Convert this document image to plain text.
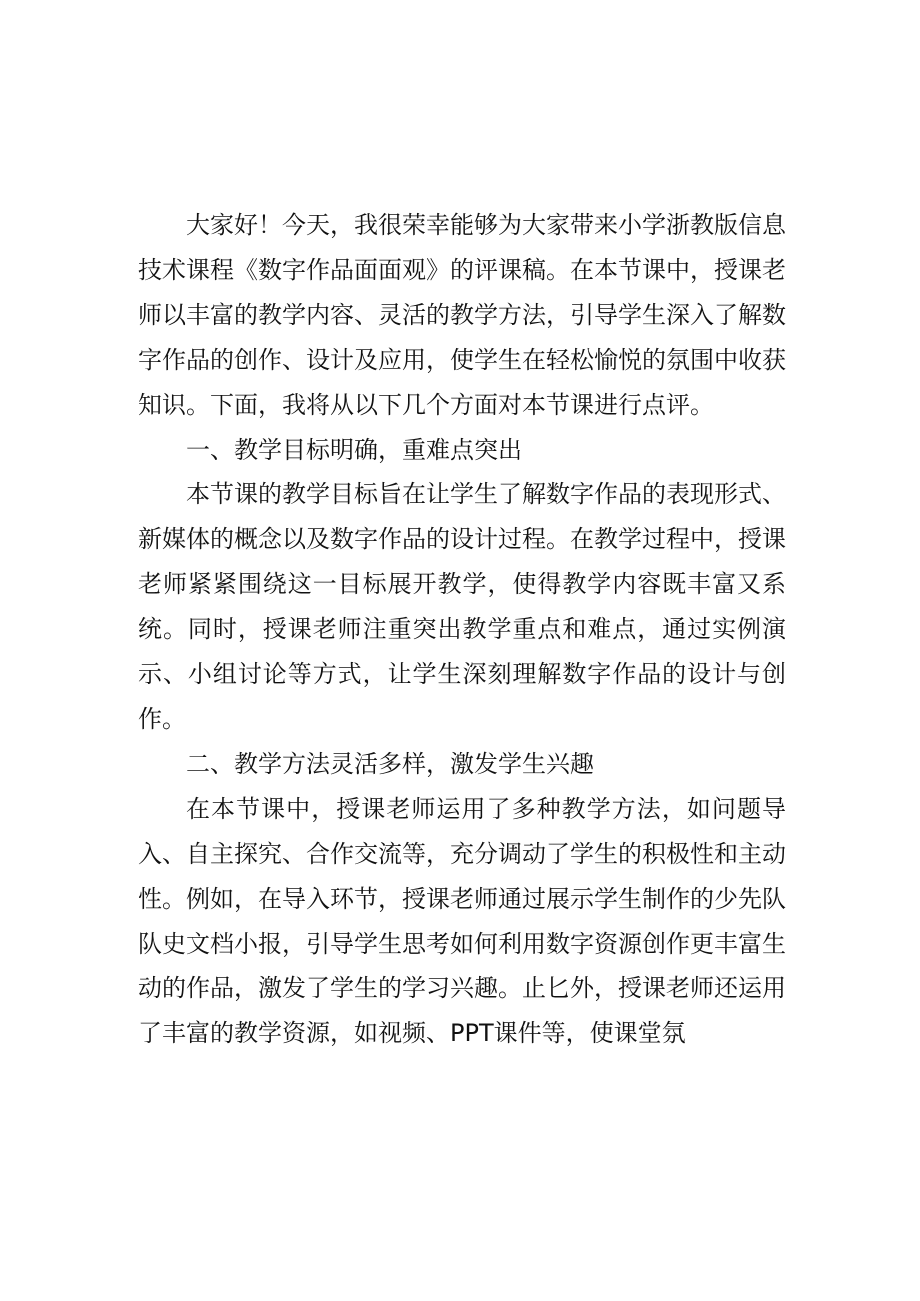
大家好！今天，我很荣幸能够为大家带来小学浙教版信息技术课程《数字作品面面观》的评课稿。在本节课中，授课老师以丰富的教学内容、灵活的教学方法，引导学生深入了解数字作品的创作、设计及应用，使学生在轻松愉悦的氛围中收获知识。下面，我将从以下几个方面对本节课进行点评。

一、教学目标明确，重难点突出

本节课的教学目标旨在让学生了解数字作品的表现形式、新媒体的概念以及数字作品的设计过程。在教学过程中，授课老师紧紧围绕这一目标展开教学，使得教学内容既丰富又系统。同时，授课老师注重突出教学重点和难点，通过实例演示、小组讨论等方式，让学生深刻理解数字作品的设计与创作。

二、教学方法灵活多样，激发学生兴趣

在本节课中，授课老师运用了多种教学方法，如问题导入、自主探究、合作交流等，充分调动了学生的积极性和主动性。例如，在导入环节，授课老师通过展示学生制作的少先队队史文档小报，引导学生思考如何利用数字资源创作更丰富生动的作品，激发了学生的学习兴趣。止匕外，授课老师还运用了丰富的教学资源，如视频、PPT课件等，使课堂氛
